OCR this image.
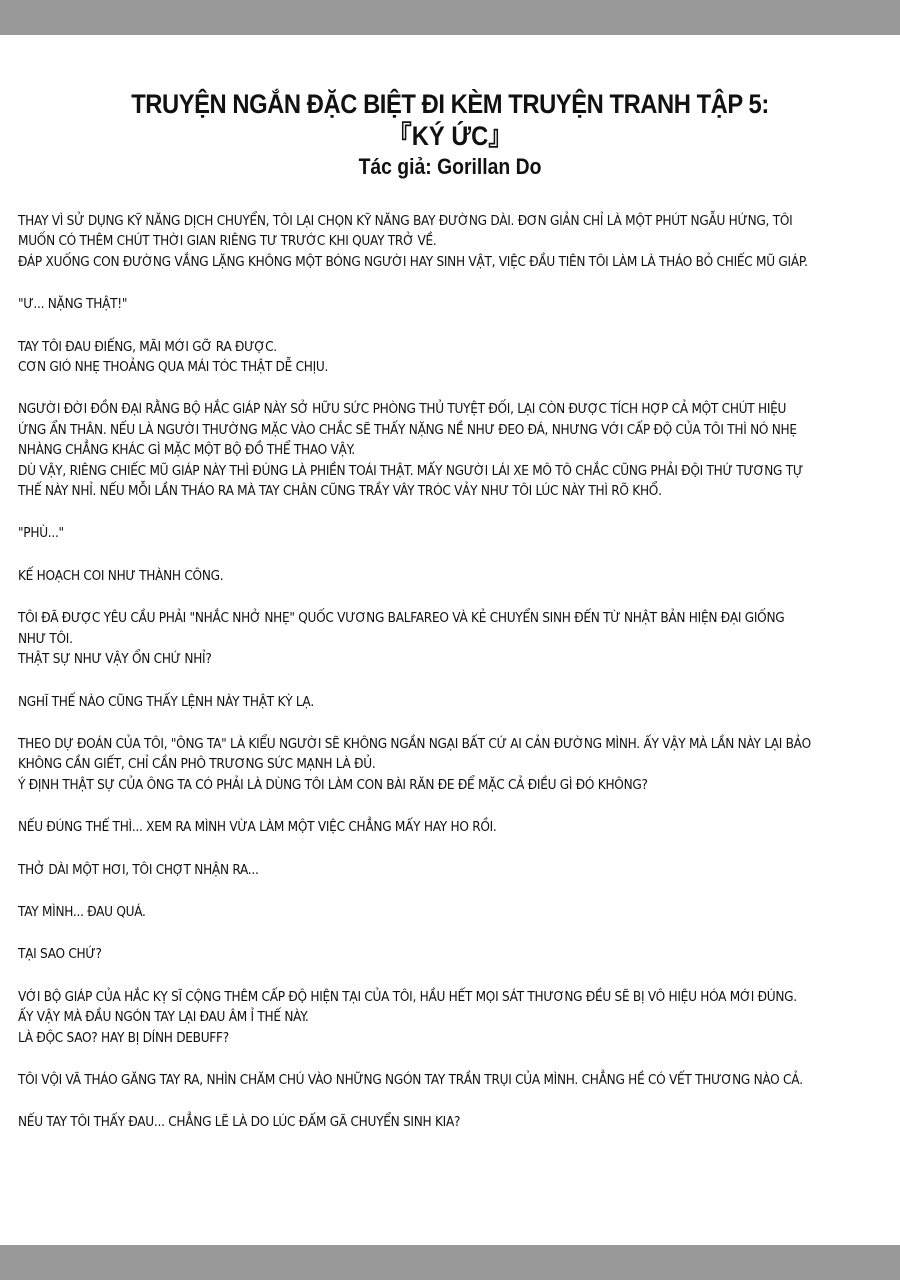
TRUYỆN NGẮN ĐẶC BIỆT ĐI KÈM TRUYỆN TRANH TẬP 5:
『KÝ ỨC』
Tác giả: Gorillan Do

THAY VÌ SỬ DỤNG KỸ NĂNG DỊCH CHUYỂN, TÔI LẠI CHỌN KỸ NĂNG BAY ĐƯỜNG DÀI. ĐƠN GIẢN CHỈ LÀ MỘT PHÚT NGẪU HỨNG, TÔI
MUỐN CÓ THÊM CHÚT THỜI GIAN RIÊNG TƯ TRƯỚC KHI QUAY TRỞ VỀ.
ĐÁP XUỐNG CON ĐƯỜNG VẮNG LẶNG KHÔNG MỘT BÓNG NGƯỜI HAY SINH VẬT, VIỆC ĐẦU TIÊN TÔI LÀM LÀ THÁO BỎ CHIẾC MŨ GIÁP.

"Ư... NẶNG THẬT!"

TAY TÔI ĐAU ĐIẾNG, MÃI MỚI GỠ RA ĐƯỢC.
CƠN GIÓ NHẸ THOẢNG QUA MÁI TÓC THẬT DỄ CHỊU.

NGƯỜI ĐỜI ĐỒN ĐẠI RẰNG BỘ HẮC GIÁP NÀY SỞ HỮU SỨC PHÒNG THỦ TUYỆT ĐỐI, LẠI CÒN ĐƯỢC TÍCH HỢP CẢ MỘT CHÚT HIỆU
ỨNG ẨN THÂN. NẾU LÀ NGƯỜI THƯỜNG MẶC VÀO CHẮC SẼ THẤY NẶNG NỀ NHƯ ĐEO ĐÁ, NHƯNG VỚI CẤP ĐỘ CỦA TÔI THÌ NÓ NHẸ
NHÀNG CHẲNG KHÁC GÌ MẶC MỘT BỘ ĐỒ THỂ THAO VẬY.
DÙ VẬY, RIÊNG CHIẾC MŨ GIÁP NÀY THÌ ĐÚNG LÀ PHIỀN TOÁI THẬT. MẤY NGƯỜI LÁI XE MÔ TÔ CHẮC CŨNG PHẢI ĐỘI THỨ TƯƠNG TỰ
THẾ NÀY NHỈ. NẾU MỖI LẦN THÁO RA MÀ TAY CHÂN CŨNG TRẦY VÂY TRÓC VẢY NHƯ TÔI LÚC NÀY THÌ RÕ KHỔ.

"PHÙ..."

KẾ HOẠCH COI NHƯ THÀNH CÔNG.

TÔI ĐÃ ĐƯỢC YÊU CẦU PHẢI "NHẮC NHỞ NHẸ" QUỐC VƯƠNG BALFAREO VÀ KẺ CHUYỂN SINH ĐẾN TỪ NHẬT BẢN HIỆN ĐẠI GIỐNG
NHƯ TÔI.
THẬT SỰ NHƯ VẬY ỔN CHỨ NHỈ?

NGHĨ THẾ NÀO CŨNG THẤY LỆNH NÀY THẬT KỲ LẠ.

THEO DỰ ĐOÁN CỦA TÔI, "ÔNG TA" LÀ KIỂU NGƯỜI SẼ KHÔNG NGẦN NGẠI BẤT CỨ AI CẢN ĐƯỜNG MÌNH. ẤY VẬY MÀ LẦN NÀY LẠI BẢO
KHÔNG CẦN GIẾT, CHỈ CẦN PHÔ TRƯƠNG SỨC MẠNH LÀ ĐỦ.
Ý ĐỊNH THẬT SỰ CỦA ÔNG TA CÓ PHẢI LÀ DÙNG TÔI LÀM CON BÀI RĂN ĐE ĐỂ MẶC CẢ ĐIỀU GÌ ĐÓ KHÔNG?

NẾU ĐÚNG THẾ THÌ... XEM RA MÌNH VỪA LÀM MỘT VIỆC CHẲNG MẤY HAY HO RỒI.

THỞ DÀI MỘT HƠI, TÔI CHỢT NHẬN RA...

TAY MÌNH... ĐAU QUÁ.

TẠI SAO CHỨ?

VỚI BỘ GIÁP CỦA HẮC KỴ SĨ CỘNG THÊM CẤP ĐỘ HIỆN TẠI CỦA TÔI, HẦU HẾT MỌI SÁT THƯƠNG ĐỀU SẼ BỊ VÔ HIỆU HÓA MỚI ĐÚNG.
ẤY VẬY MÀ ĐẦU NGÓN TAY LẠI ĐAU ÂM Ỉ THẾ NÀY.
LÀ ĐỘC SAO? HAY BỊ DÍNH DEBUFF?

TÔI VỘI VÃ THÁO GĂNG TAY RA, NHÌN CHĂM CHÚ VÀO NHỮNG NGÓN TAY TRẦN TRỤI CỦA MÌNH. CHẲNG HỀ CÓ VẾT THƯƠNG NÀO CẢ.

NẾU TAY TÔI THẤY ĐAU... CHẲNG LẼ LÀ DO LÚC ĐẤM GÃ CHUYỂN SINH KIA?
